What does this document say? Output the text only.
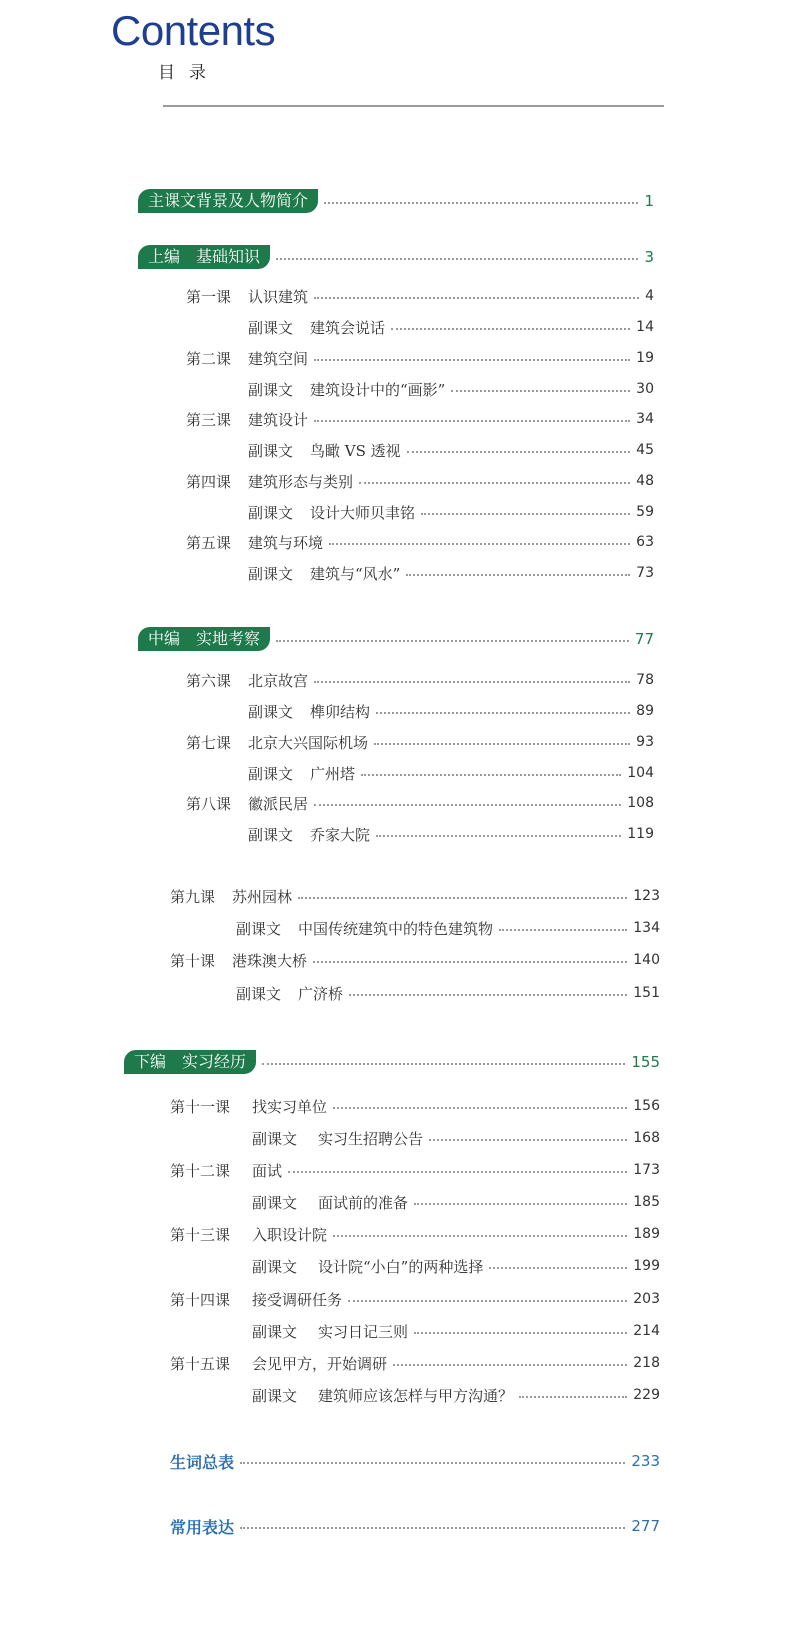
Contents
目录
主课文背景及人物简介	1
上编　基础知识	3
第一课	认识建筑	4
副课文	建筑会说话	14
第二课	建筑空间	19
副课文	建筑设计中的“画影”	30
第三课	建筑设计	34
副课文	鸟瞰 VS 透视	45
第四课	建筑形态与类别	48
副课文	设计大师贝聿铭	59
第五课	建筑与环境	63
副课文	建筑与“风水”	73
中编　实地考察	77
第六课	北京故宫	78
副课文	榫卯结构	89
第七课	北京大兴国际机场	93
副课文	广州塔	104
第八课	徽派民居	108
副课文	乔家大院	119
第九课	苏州园林	123
副课文	中国传统建筑中的特色建筑物	134
第十课	港珠澳大桥	140
副课文	广济桥	151
下编　实习经历	155
第十一课	找实习单位	156
副课文	实习生招聘公告	168
第十二课	面试	173
副课文	面试前的准备	185
第十三课	入职设计院	189
副课文	设计院“小白”的两种选择	199
第十四课	接受调研任务	203
副课文	实习日记三则	214
第十五课	会见甲方，开始调研	218
副课文	建筑师应该怎样与甲方沟通？	229
生词总表	233
常用表达	277
